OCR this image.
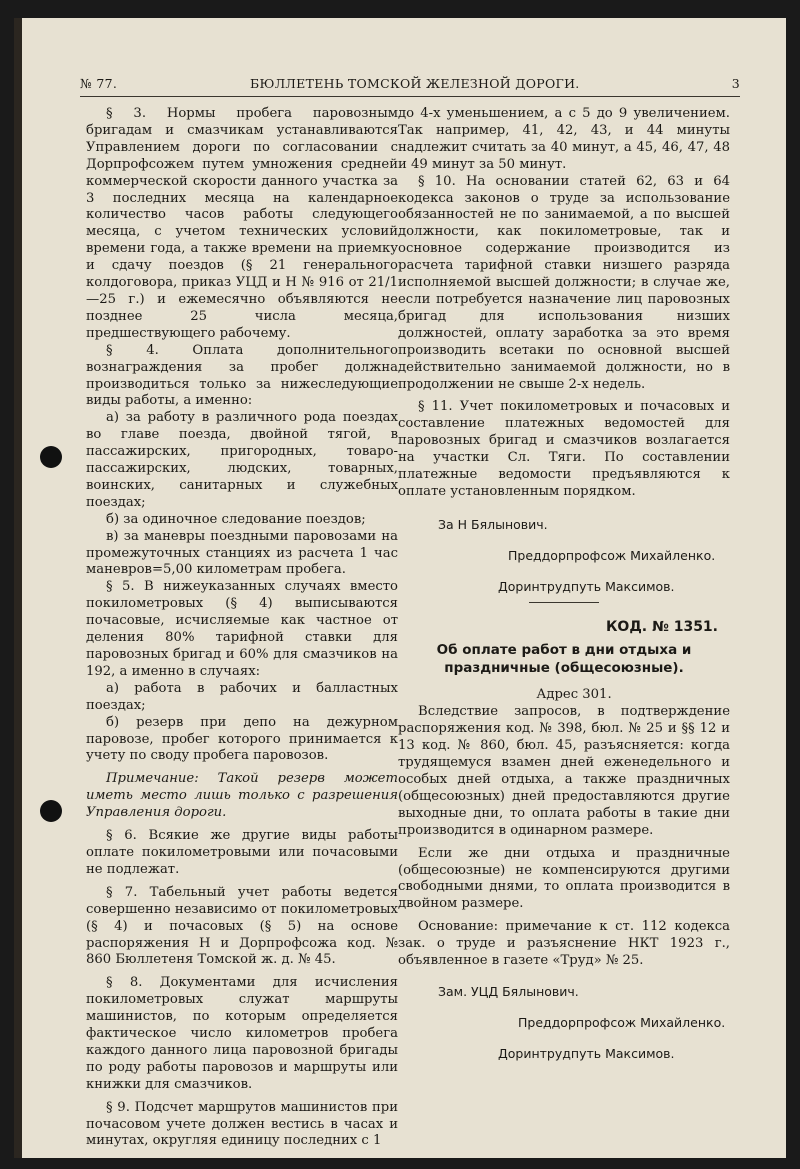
№ 77.	БЮЛЛЕТЕНЬ ТОМСКОЙ ЖЕЛЕЗНОЙ ДОРОГИ.	3

§ 3. Нормы пробега паровозным бригадам и смазчикам устанавливаются Управлением дороги по согласовании с Дорпрофсожем путем умножения средней коммерческой скорости данного участка за 3 последних месяца на календарное количество часов работы следующего месяца, с учетом технических условий времени года, а также времени на приемку и сдачу поездов (§ 21 генерального колдоговора, приказ УЦД и Н № 916 от 21/1—25 г.) и ежемесячно объявляются не позднее 25 числа месяца, предшествующего рабочему.

§ 4. Оплата дополнительного вознаграждения за пробег должна производиться только за нижеследующие виды работы, а именно:

а) за работу в различного рода поездах во главе поезда, двойной тягой, в пассажирских, пригородных, товаро-пассажирских, людских, товарных, воинских, санитарных и служебных поездах;

б) за одиночное следование поездов;

в) за маневры поездными паровозами на промежуточных станциях из расчета 1 час маневров=5,00 километрам пробега.

§ 5. В нижеуказанных случаях вместо покилометровых (§ 4) выписываются почасовые, исчисляемые как частное от деления 80% тарифной ставки для паровозных бригад и 60% для смазчиков на 192, а именно в случаях:

а) работа в рабочих и балластных поездах;

б) резерв при депо на дежурном паровозе, пробег которого принимается к учету по своду пробега паровозов.

Примечание: Такой резерв может иметь место лишь только с разрешения Управления дороги.

§ 6. Всякие же другие виды работы оплате покилометровыми или почасовыми не подлежат.

§ 7. Табельный учет работы ведется совершенно независимо от покилометровых (§ 4) и почасовых (§ 5) на основе распоряжения Н и Дорпрофсожа код. № 860 Бюллетеня Томской ж. д. № 45.

§ 8. Документами для исчисления покилометровых служат маршруты машинистов, по которым определяется фактическое число километров пробега каждого данного лица паровозной бригады по роду работы паровозов и маршруты или книжки для смазчиков.

§ 9. Подсчет маршрутов машинистов при почасовом учете должен вестись в часах и минутах, округляя единицу последних с 1

до 4-х уменьшением, а с 5 до 9 увеличением. Так например, 41, 42, 43, и 44 минуты надлежит считать за 40 минут, а 45, 46, 47, 48 и 49 минут за 50 минут.

§ 10. На основании статей 62, 63 и 64 кодекса законов о труде за использование обязанностей не по занимаемой, а по высшей должности, как покилометровые, так и основное содержание производится из расчета тарифной ставки низшего разряда исполняемой высшей должности; в случае же, если потребуется назначение лиц паровозных бригад для использования низших должностей, оплату заработка за это время производить всетаки по основной высшей действительно занимаемой должности, но в продолжении не свыше 2-х недель.

§ 11. Учет покилометровых и почасовых и составление платежных ведомостей для паровозных бригад и смазчиков возлагается на участки Сл. Тяги. По составлении платежные ведомости предъявляются к оплате установленным порядком.

За Н Бялынович.

Преддорпрофсож Михайленко.

Доринтрудпуть Максимов.

КОД. № 1351.
Об оплате работ в дни отдыха и праздничные (общесоюзные).

Адрес 301.

Вследствие запросов, в подтверждение распоряжения код. № 398, бюл. № 25 и §§ 12 и 13 код. № 860, бюл. 45, разъясняется: когда трудящемуся взамен дней еженедельного и особых дней отдыха, а также праздничных (общесоюзных) дней предоставляются другие выходные дни, то оплата работы в такие дни производится в одинарном размере.

Если же дни отдыха и праздничные (общесоюзные) не компенсируются другими свободными днями, то оплата производится в двойном размере.

Основание: примечание к ст. 112 кодекса зак. о труде и разъяснение НКТ 1923 г., объявленное в газете «Труд» № 25.

Зам. УЦД Бялынович.

Преддорпрофсож Михайленко.

Доринтрудпуть Максимов.
